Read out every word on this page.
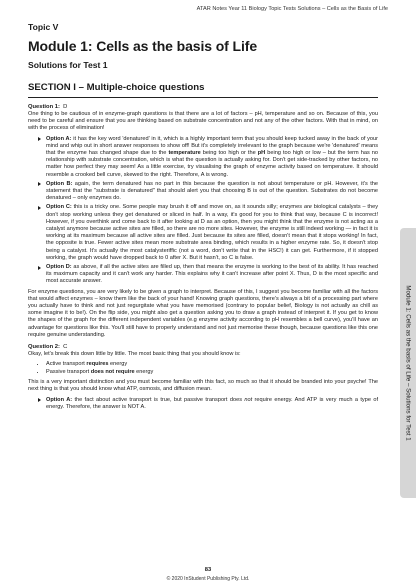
ATAR Notes Year 11 Biology Topic Tests Solutions – Cells as the Basis of Life
Topic V
Module 1: Cells as the basis of Life
Solutions for Test 1
SECTION I – Multiple-choice questions
Question 1: D

One thing to be cautious of in enzyme-graph questions is that there are a lot of factors – pH, temperature and so on. Because of this, you need to be careful and ensure that you are thinking based on substrate concentration and not any of the other factors. With that in mind, on with the process of elimination!

Option A: it has the key word 'denatured' in it, which is a highly important term that you should keep tucked away in the back of your mind and whip out in short answer responses to show off! But it's completely irrelevant to the graph because we're 'denatured' means that the enzyme has changed shape due to the temperature being too high or the pH being too high or low – but the term has no relationship with substrate concentration, which is what the question is actually asking for. Don't get side-tracked by other factors, no matter how perfect they may seem! As a little exercise, try visualising the graph of enzyme activity based on temperature. It should resemble a crooked bell curve, skewed to the right. Therefore, A is wrong.
Option B: again, the term denatured has no part in this because the question is not about temperature or pH. However, it's the statement that the "substrate is denatured" that should alert you that choosing B is out of the question. Substrates do not become denatured – only enzymes do.
Option C: this is a tricky one. Some people may brush it off and move on, as it sounds silly; enzymes are biological catalysts – they don't stop working unless they get denatured or sliced in half. In a way, it's good for you to think that way, because C is incorrect! However, if you overthink and come back to it after looking at D as an option, then you might think that the enzyme is not acting as a catalyst anymore because active sites are filled, so there are no more sites. However, the enzyme is still indeed working — in fact it is working at its maximum because all active sites are filled. Just because its sites are filled, doesn't mean that it stops working! In fact, the opposite is true. Fewer active sites mean more substrate area binding, which results in a higher enzyme rate. So, it doesn't stop being a catalyst. It's actually the most catalysteriffic (not a word, don't write that in the HSC!) it can get. Furthermore, if it stopped working, the graph would have dropped back to 0 after X. But it hasn't, so C is false.
Option D: as above, if all the active sites are filled up, then that means the enzyme is working to the best of its ability. It has reached its maximum capacity and it can't work any harder. This explains why it can't increase after point X. Thus, D is the most specific and most accurate answer.

For enzyme questions, you are very likely to be given a graph to interpret. Because of this, I suggest you become familiar with all the factors that would affect enzymes – know them like the back of your hand! Knowing graph questions, there's always a bit of a processing part where you actually have to think and not just regurgitate what you have memorised (contrary to popular belief, Biology is not actually as chill as some imagine it to be!). On the flip side, you might also get a question asking you to draw a graph instead of interpret it. If you get to know the shapes of the graph for the different independent variables (e.g enzyme activity according to pH resembles a bell curve), you'll have an advantage for questions like this. You'll still have to properly understand and not just memorise these though, because questions like this one require genuine understanding.

Question 2: C

Okay, let's break this down little by little. The most basic thing that you should know is:

• Active transport requires energy
• Passive transport does not require energy

This is a very important distinction and you must become familiar with this fact, so much so that it should be branded into your psyche! The next thing is that you should know what ATP, osmosis, and diffusion mean.

Option A: the fact about active transport is true, but passive transport does not require energy. And ATP is very much a type of energy. Therefore, the answer is NOT A.	Module 1: Cells as the basis of Life – Solutions for Test 1
83
© 2020 InStudent Publishing Pty. Ltd.
